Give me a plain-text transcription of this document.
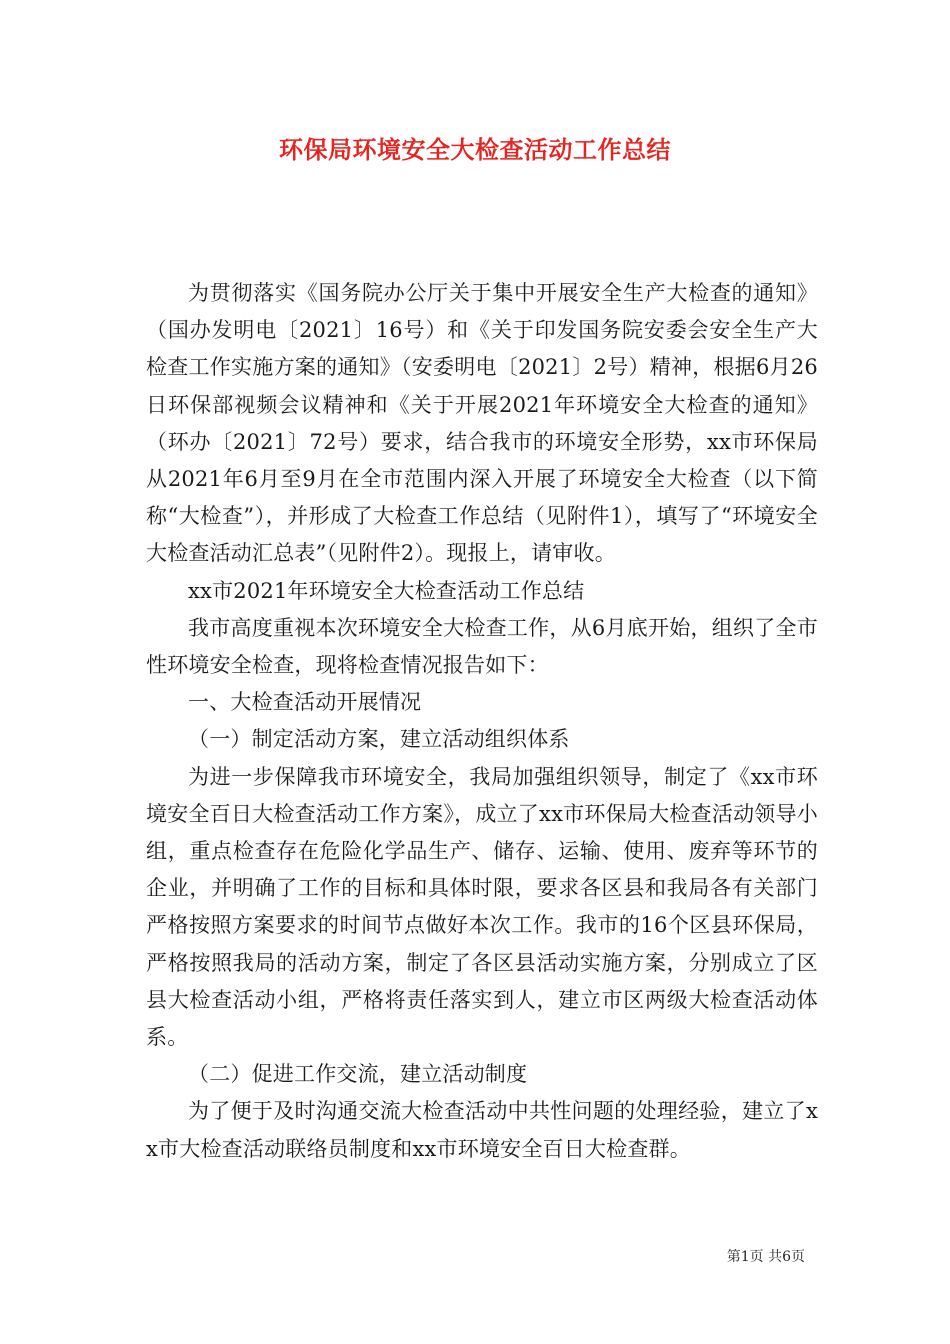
环保局环境安全大检查活动工作总结

为贯彻落实《国务院办公厅关于集中开展安全生产大检查的通知》（国办发明电〔2021〕16号）和《关于印发国务院安委会安全生产大检查工作实施方案的通知》（安委明电〔2021〕2号）精神，根据6月26日环保部视频会议精神和《关于开展2021年环境安全大检查的通知》（环办〔2021〕72号）要求，结合我市的环境安全形势，xx市环保局从2021年6月至9月在全市范围内深入开展了环境安全大检查（以下简称“大检查”），并形成了大检查工作总结（见附件1），填写了“环境安全大检查活动汇总表”（见附件2）。现报上，请审收。

xx市2021年环境安全大检查活动工作总结

我市高度重视本次环境安全大检查工作，从6月底开始，组织了全市性环境安全检查，现将检查情况报告如下：

一、大检查活动开展情况

（一）制定活动方案，建立活动组织体系

为进一步保障我市环境安全，我局加强组织领导，制定了《xx市环境安全百日大检查活动工作方案》，成立了xx市环保局大检查活动领导小组，重点检查存在危险化学品生产、储存、运输、使用、废弃等环节的企业，并明确了工作的目标和具体时限，要求各区县和我局各有关部门严格按照方案要求的时间节点做好本次工作。我市的16个区县环保局，严格按照我局的活动方案，制定了各区县活动实施方案，分别成立了区县大检查活动小组，严格将责任落实到人，建立市区两级大检查活动体系。

（二）促进工作交流，建立活动制度

为了便于及时沟通交流大检查活动中共性问题的处理经验，建立了xx市大检查活动联络员制度和xx市环境安全百日大检查群。

第1页 共6页
